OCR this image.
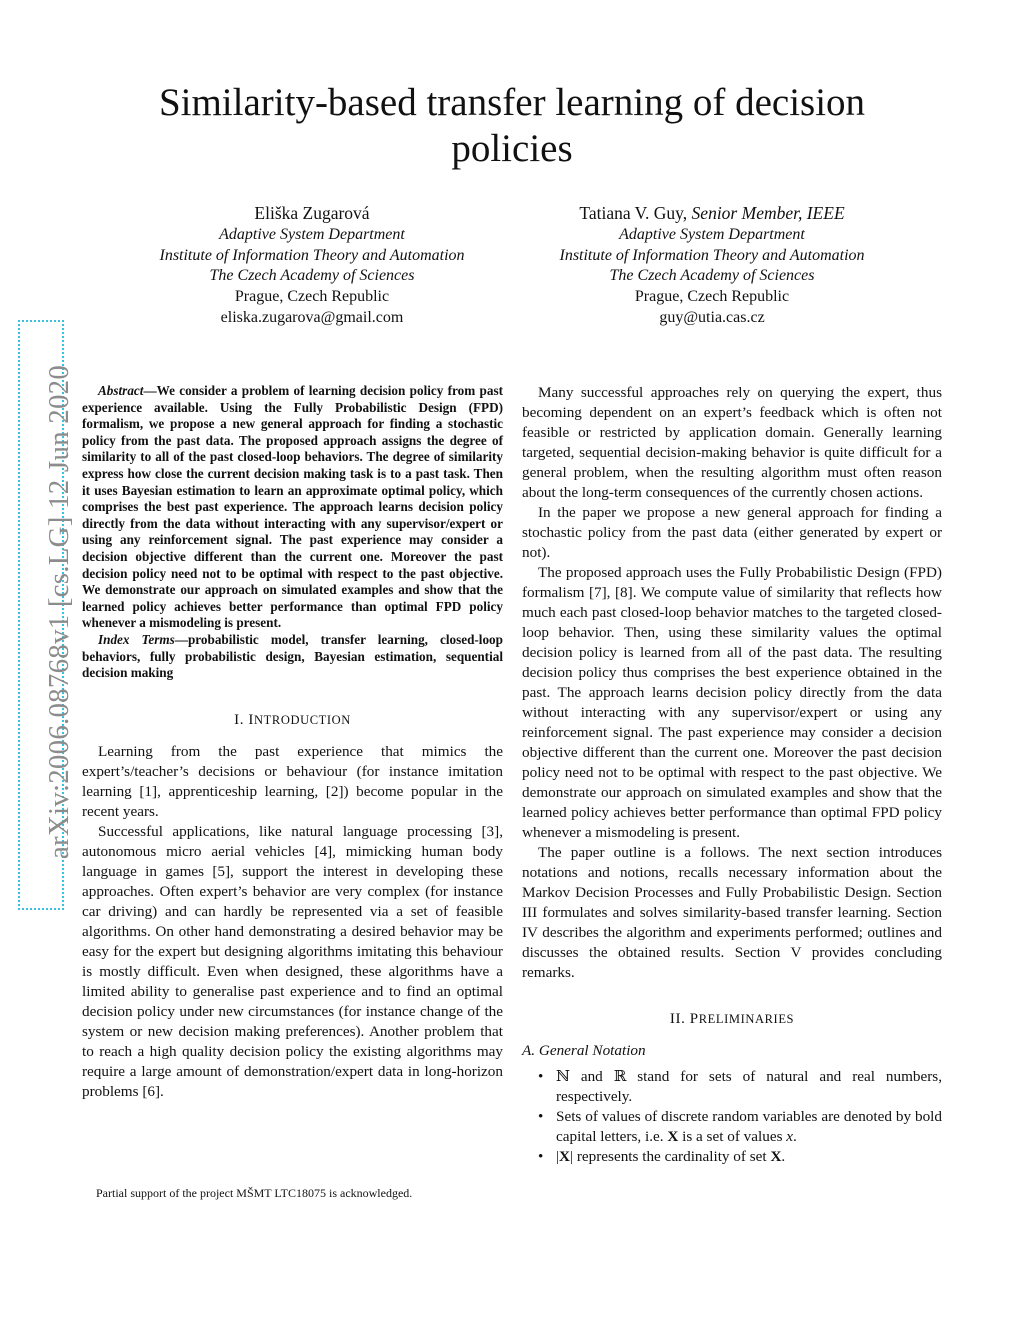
arXiv:2006.08768v1 [cs.LG] 12 Jun 2020
Similarity-based transfer learning of decision
policies
Eliška Zugarová
Adaptive System Department
Institute of Information Theory and Automation
The Czech Academy of Sciences
Prague, Czech Republic
eliska.zugarova@gmail.com
Tatiana V. Guy, Senior Member, IEEE
Adaptive System Department
Institute of Information Theory and Automation
The Czech Academy of Sciences
Prague, Czech Republic
guy@utia.cas.cz

Abstract—We consider a problem of learning decision policy from past experience available. Using the Fully Probabilistic Design (FPD) formalism, we propose a new general approach for finding a stochastic policy from the past data. The proposed approach assigns the degree of similarity to all of the past closed-loop behaviors. The degree of similarity express how close the current decision making task is to a past task. Then it uses Bayesian estimation to learn an approximate optimal policy, which comprises the best past experience. The approach learns decision policy directly from the data without interacting with any supervisor/expert or using any reinforcement signal. The past experience may consider a decision objective different than the current one. Moreover the past decision policy need not to be optimal with respect to the past objective. We demonstrate our approach on simulated examples and show that the learned policy achieves better performance than optimal FPD policy whenever a mismodeling is present.

Index Terms—probabilistic model, transfer learning, closed-loop behaviors, fully probabilistic design, Bayesian estimation, sequential decision making

I. INTRODUCTION

Learning from the past experience that mimics the expert’s/teacher’s decisions or behaviour (for instance imitation learning [1], apprenticeship learning, [2]) become popular in the recent years.

Successful applications, like natural language processing [3], autonomous micro aerial vehicles [4], mimicking human body language in games [5], support the interest in developing these approaches. Often expert’s behavior are very complex (for instance car driving) and can hardly be represented via a set of feasible algorithms. On other hand demonstrating a desired behavior may be easy for the expert but designing algorithms imitating this behaviour is mostly difficult. Even when designed, these algorithms have a limited ability to generalise past experience and to find an optimal decision policy under new circumstances (for instance change of the system or new decision making preferences). Another problem that to reach a high quality decision policy the existing algorithms may require a large amount of demonstration/expert data in long-horizon problems [6].

Partial support of the project MŠMT LTC18075 is acknowledged.

Many successful approaches rely on querying the expert, thus becoming dependent on an expert’s feedback which is often not feasible or restricted by application domain. Generally learning targeted, sequential decision-making behavior is quite difficult for a general problem, when the resulting algorithm must often reason about the long-term consequences of the currently chosen actions.

In the paper we propose a new general approach for finding a stochastic policy from the past data (either generated by expert or not).

The proposed approach uses the Fully Probabilistic Design (FPD) formalism [7], [8]. We compute value of similarity that reflects how much each past closed-loop behavior matches to the targeted closed-loop behavior. Then, using these similarity values the optimal decision policy is learned from all of the past data. The resulting decision policy thus comprises the best experience obtained in the past. The approach learns decision policy directly from the data without interacting with any supervisor/expert or using any reinforcement signal. The past experience may consider a decision objective different than the current one. Moreover the past decision policy need not to be optimal with respect to the past objective. We demonstrate our approach on simulated examples and show that the learned policy achieves better performance than optimal FPD policy whenever a mismodeling is present.

The paper outline is a follows. The next section introduces notations and notions, recalls necessary information about the Markov Decision Processes and Fully Probabilistic Design. Section III formulates and solves similarity-based transfer learning. Section IV describes the algorithm and experiments performed; outlines and discusses the obtained results. Section V provides concluding remarks.

II. PRELIMINARIES
A. General Notation
• ℕ and ℝ stand for sets of natural and real numbers, respectively.
• Sets of values of discrete random variables are denoted by bold capital letters, i.e. X is a set of values x.
• |X| represents the cardinality of set X.
